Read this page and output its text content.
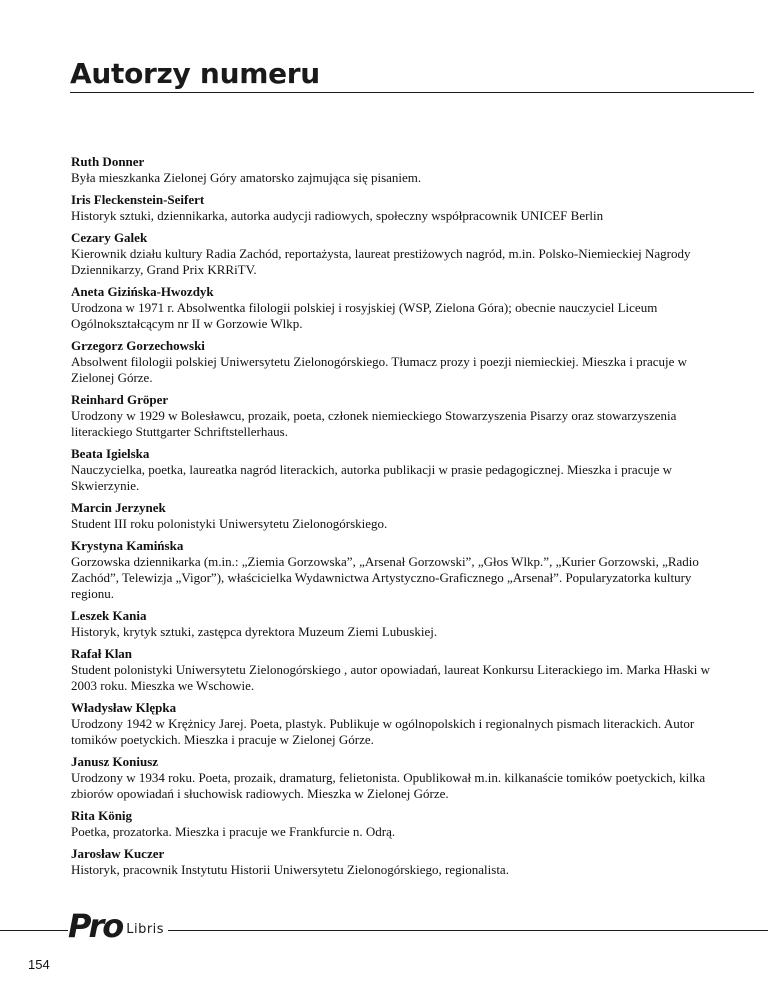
Autorzy numeru
Ruth Donner
Była mieszkanka Zielonej Góry amatorsko zajmująca się pisaniem.
Iris Fleckenstein-Seifert
Historyk sztuki, dziennikarka, autorka audycji radiowych, społeczny współpracownik UNICEF Berlin
Cezary Galek
Kierownik działu kultury Radia Zachód, reportażysta, laureat prestiżowych nagród, m.in. Polsko-Niemieckiej Nagrody Dziennikarzy, Grand Prix KRRiTV.
Aneta Gizińska-Hwozdyk
Urodzona w 1971 r. Absolwentka filologii polskiej i rosyjskiej (WSP, Zielona Góra); obecnie nauczyciel Liceum Ogólnokształcącym nr II w Gorzowie Wlkp.
Grzegorz Gorzechowski
Absolwent filologii polskiej Uniwersytetu Zielonogórskiego. Tłumacz prozy i poezji niemieckiej. Mieszka i pracuje w Zielonej Górze.
Reinhard Gröper
Urodzony w 1929 w Bolesławcu, prozaik, poeta, członek niemieckiego Stowarzyszenia Pisarzy oraz stowarzyszenia literackiego Stuttgarter Schriftstellerhaus.
Beata Igielska
Nauczycielka, poetka, laureatka nagród literackich, autorka publikacji w prasie pedagogicznej. Mieszka i pracuje w Skwierzynie.
Marcin Jerzynek
Student III roku polonistyki Uniwersytetu Zielonogórskiego.
Krystyna Kamińska
Gorzowska dziennikarka (m.in.: „Ziemia Gorzowska”, „Arsenał Gorzowski”, „Głos Wlkp.”, „Kurier Gorzowski, „Radio Zachód”, Telewizja „Vigor”), właścicielka Wydawnictwa Artystyczno-Graficznego „Arsenał”. Popularyzatorka kultury regionu.
Leszek Kania
Historyk, krytyk sztuki, zastępca dyrektora Muzeum Ziemi Lubuskiej.
Rafał Klan
Student polonistyki Uniwersytetu Zielonogórskiego , autor opowiadań, laureat Konkursu Literackiego im. Marka Hłaski w 2003 roku. Mieszka we Wschowie.
Władysław Klępka
Urodzony 1942 w Krężnicy Jarej. Poeta, plastyk. Publikuje w ogólnopolskich i regionalnych pismach literackich. Autor tomików poetyckich. Mieszka i pracuje w Zielonej Górze.
Janusz Koniusz
Urodzony w 1934 roku. Poeta, prozaik, dramaturg, felietonista. Opublikował m.in. kilkanaście tomików poetyckich, kilka zbiorów opowiadań i słuchowisk radiowych. Mieszka w Zielonej Górze.
Rita König
Poetka, prozatorka. Mieszka i pracuje we Frankfurcie n. Odrą.
Jarosław Kuczer
Historyk, pracownik Instytutu Historii Uniwersytetu Zielonogórskiego, regionalista.
Pro Libris
154
